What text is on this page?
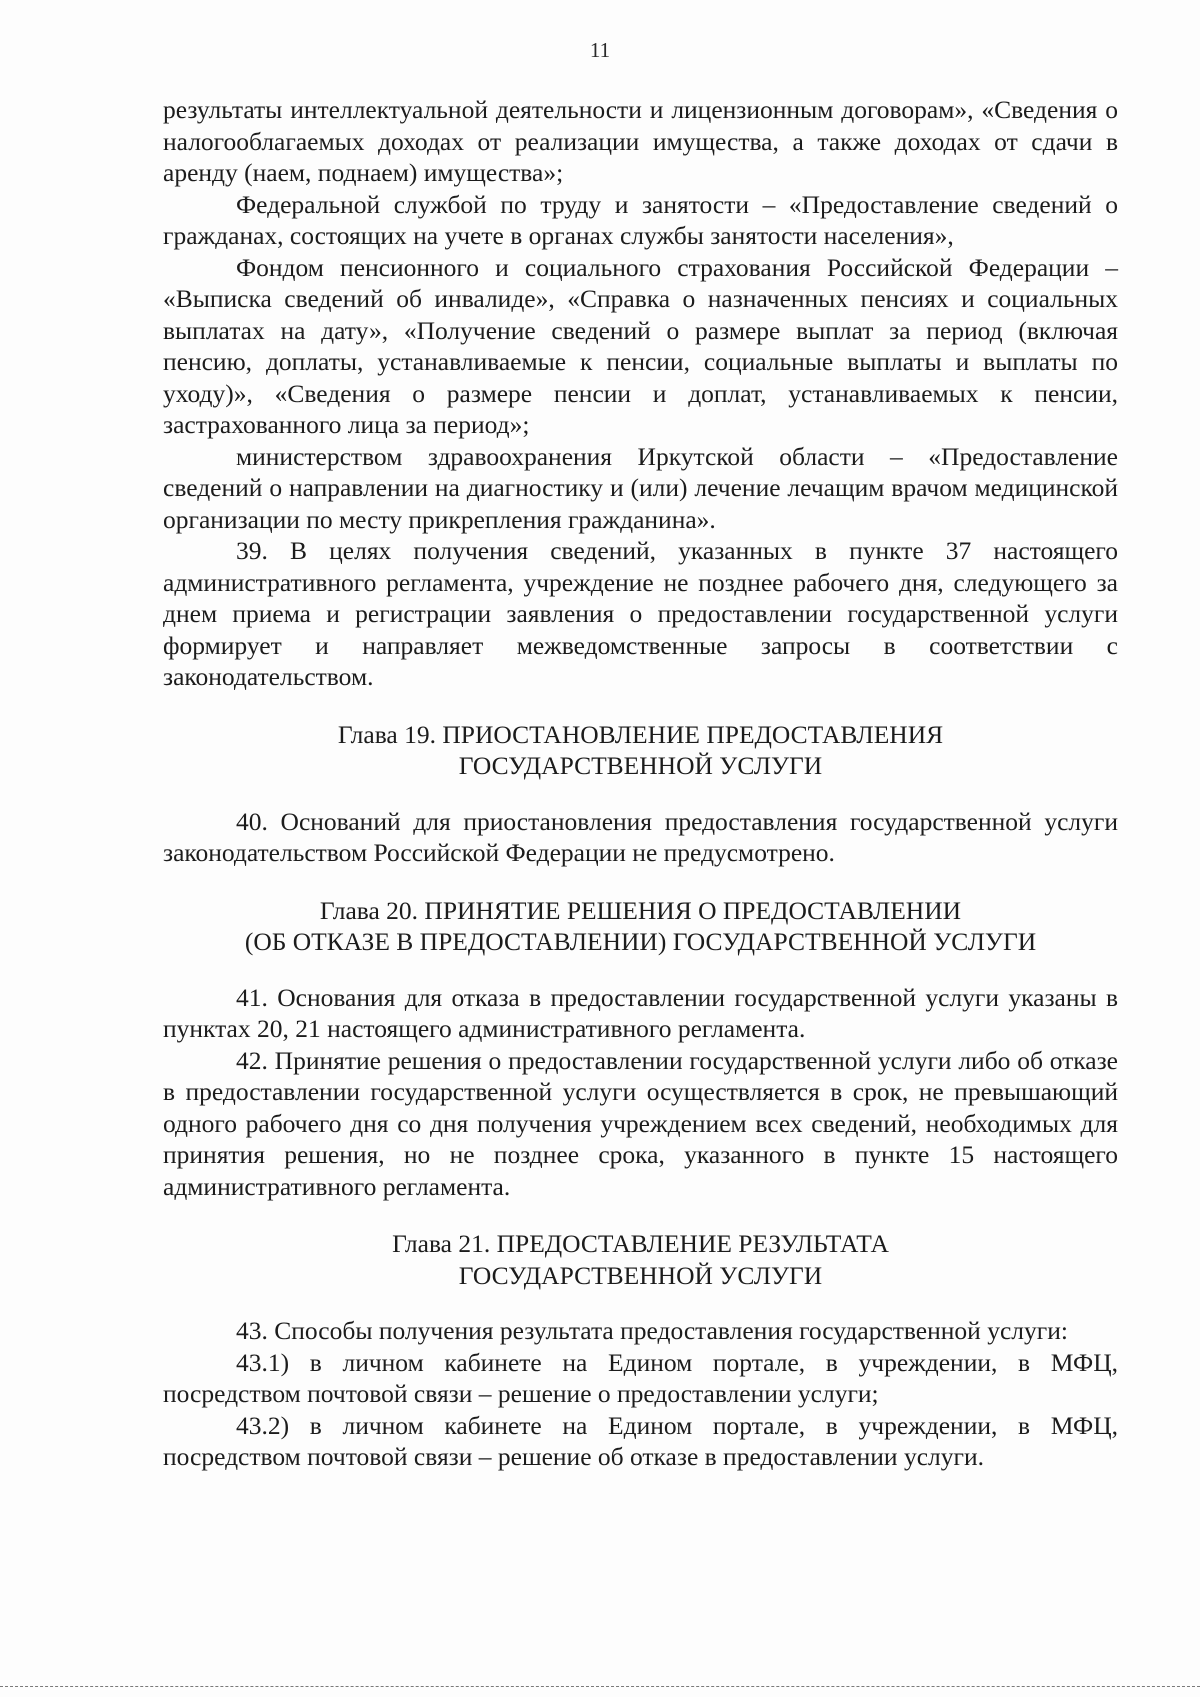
11

результаты интеллектуальной деятельности и лицензионным договорам», «Сведения о налогооблагаемых доходах от реализации имущества, а также доходах от сдачи в аренду (наем, поднаем) имущества»;

Федеральной службой по труду и занятости – «Предоставление сведений о гражданах, состоящих на учете в органах службы занятости населения»,

Фондом пенсионного и социального страхования Российской Федерации – «Выписка сведений об инвалиде», «Справка о назначенных пенсиях и социальных выплатах на дату», «Получение сведений о размере выплат за период (включая пенсию, доплаты, устанавливаемые к пенсии, социальные выплаты и выплаты по уходу)», «Сведения о размере пенсии и доплат, устанавливаемых к пенсии, застрахованного лица за период»;

министерством здравоохранения Иркутской области – «Предоставление сведений о направлении на диагностику и (или) лечение лечащим врачом медицинской организации по месту прикрепления гражданина».

39. В целях получения сведений, указанных в пункте 37 настоящего административного регламента, учреждение не позднее рабочего дня, следующего за днем приема и регистрации заявления о предоставлении государственной услуги формирует и направляет межведомственные запросы в соответствии с законодательством.

Глава 19. ПРИОСТАНОВЛЕНИЕ ПРЕДОСТАВЛЕНИЯ
ГОСУДАРСТВЕННОЙ УСЛУГИ

40. Оснований для приостановления предоставления государственной услуги законодательством Российской Федерации не предусмотрено.

Глава 20. ПРИНЯТИЕ РЕШЕНИЯ О ПРЕДОСТАВЛЕНИИ
(ОБ ОТКАЗЕ В ПРЕДОСТАВЛЕНИИ) ГОСУДАРСТВЕННОЙ УСЛУГИ

41. Основания для отказа в предоставлении государственной услуги указаны в пунктах 20, 21 настоящего административного регламента.

42. Принятие решения о предоставлении государственной услуги либо об отказе в предоставлении государственной услуги осуществляется в срок, не превышающий одного рабочего дня со дня получения учреждением всех сведений, необходимых для принятия решения, но не позднее срока, указанного в пункте 15 настоящего административного регламента.

Глава 21. ПРЕДОСТАВЛЕНИЕ РЕЗУЛЬТАТА
ГОСУДАРСТВЕННОЙ УСЛУГИ

43. Способы получения результата предоставления государственной услуги:

43.1) в личном кабинете на Едином портале, в учреждении, в МФЦ, посредством почтовой связи – решение о предоставлении услуги;

43.2) в личном кабинете на Едином портале, в учреждении, в МФЦ, посредством почтовой связи – решение об отказе в предоставлении услуги.
